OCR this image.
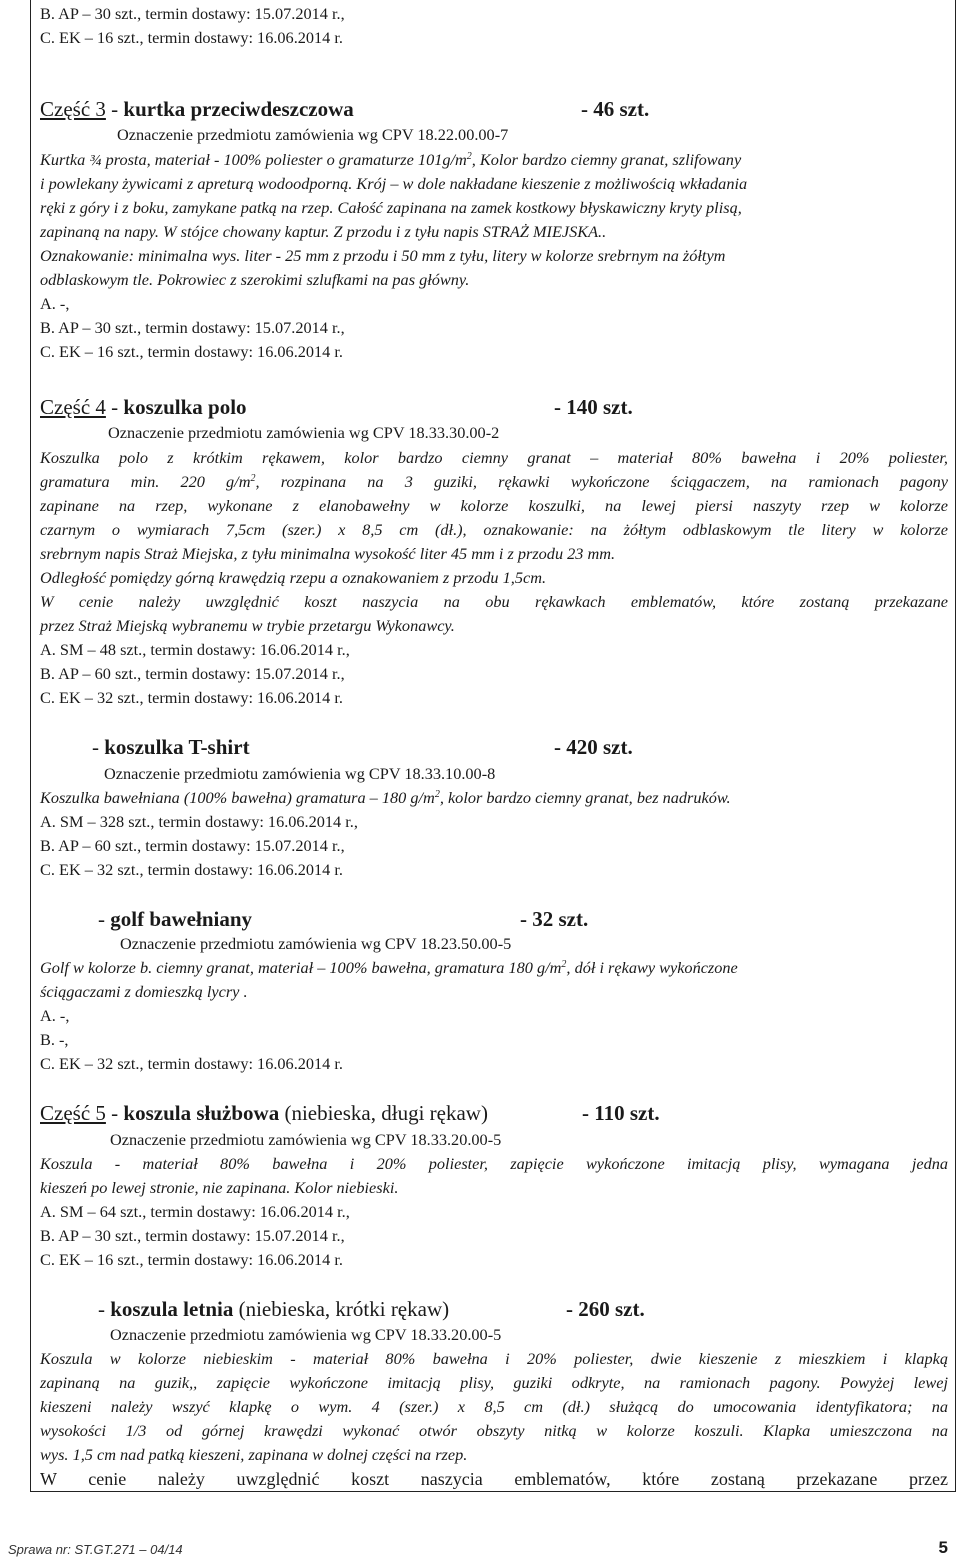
B. AP – 30 szt., termin dostawy: 15.07.2014 r.,
C. EK – 16 szt., termin dostawy: 16.06.2014 r.
Część 3 - kurtka przeciwdeszczowa	- 46 szt.
Oznaczenie przedmiotu zamówienia wg CPV 18.22.00.00-7
Kurtka ¾ prosta, materiał - 100% poliester o gramaturze $101g/m^2$, Kolor bardzo ciemny granat, szlifowany
i powlekany żywicami z apreturą wodoodporną. Krój – w dole nakładane kieszenie z możliwością wkładania
ręki z góry i z boku, zamykane patką na rzep. Całość zapinana na zamek kostkowy błyskawiczny kryty plisą,
zapinaną na napy. W stójce chowany kaptur. Z przodu i z tyłu napis STRAŻ MIEJSKA..
Oznakowanie: minimalna wys. liter - 25 mm z przodu i 50 mm z tyłu, litery w kolorze srebrnym na żółtym
odblaskowym tle. Pokrowiec z szerokimi szlufkami na pas główny.
A. -,
B. AP – 30 szt., termin dostawy: 15.07.2014 r.,
C. EK – 16 szt., termin dostawy: 16.06.2014 r.
Część 4 - koszulka polo	- 140 szt.
Oznaczenie przedmiotu zamówienia wg CPV 18.33.30.00-2
Koszulka polo z krótkim rękawem, kolor bardzo ciemny granat – materiał 80% bawełna i 20% poliester,
gramatura min. 220 $g/m^2$, rozpinana na 3 guziki, rękawki wykończone ściągaczem, na ramionach pagony
zapinane na rzep, wykonane z elanobawełny w kolorze koszulki, na lewej piersi naszyty rzep w kolorze
czarnym o wymiarach 7,5cm (szer.) x 8,5 cm (dł.), oznakowanie: na żółtym odblaskowym tle litery w kolorze
srebrnym napis Straż Miejska, z tyłu minimalna wysokość liter 45 mm i z przodu 23 mm.
Odległość pomiędzy górną krawędzią rzepu a oznakowaniem z przodu 1,5cm.
W cenie należy uwzględnić koszt naszycia na obu rękawkach emblematów, które zostaną przekazane
przez Straż Miejską wybranemu w trybie przetargu Wykonawcy.
A. SM – 48 szt., termin dostawy: 16.06.2014 r.,
B. AP – 60 szt., termin dostawy: 15.07.2014 r.,
C. EK – 32 szt., termin dostawy: 16.06.2014 r.
- koszulka T-shirt	- 420 szt.
Oznaczenie przedmiotu zamówienia wg CPV 18.33.10.00-8
Koszulka bawełniana (100% bawełna) gramatura – 180 $g/m^2$, kolor bardzo ciemny granat, bez nadruków.
A. SM – 328 szt., termin dostawy: 16.06.2014 r.,
B. AP – 60 szt., termin dostawy: 15.07.2014 r.,
C. EK – 32 szt., termin dostawy: 16.06.2014 r.
- golf bawełniany	- 32 szt.
Oznaczenie przedmiotu zamówienia wg CPV 18.23.50.00-5
Golf w kolorze b. ciemny granat, materiał – 100% bawełna, gramatura 180 $g/m^2$, dół i rękawy wykończone
ściągaczami z domieszką lycry .
A. -,
B. -,
C. EK – 32 szt., termin dostawy: 16.06.2014 r.
Część 5 - koszula służbowa (niebieska, długi rękaw)	- 110 szt.
Oznaczenie przedmiotu zamówienia wg CPV 18.33.20.00-5
Koszula - materiał 80% bawełna i 20% poliester, zapięcie wykończone imitacją plisy, wymagana jedna
kieszeń po lewej stronie, nie zapinana. Kolor niebieski.
A. SM – 64 szt., termin dostawy: 16.06.2014 r.,
B. AP – 30 szt., termin dostawy: 15.07.2014 r.,
C. EK – 16 szt., termin dostawy: 16.06.2014 r.
- koszula letnia (niebieska, krótki rękaw)	- 260 szt.
Oznaczenie przedmiotu zamówienia wg CPV 18.33.20.00-5
Koszula w kolorze niebieskim - materiał 80% bawełna i 20% poliester, dwie kieszenie z mieszkiem i klapką
zapinaną na guzik,, zapięcie wykończone imitacją plisy, guziki odkryte, na ramionach pagony. Powyżej lewej
kieszeni należy wszyć klapkę o wym. 4 (szer.) x 8,5 cm (dł.) służącą do umocowania identyfikatora; na
wysokości 1/3 od górnej krawędzi wykonać otwór obszyty nitką w kolorze koszuli. Klapka umieszczona na
wys. 1,5 cm nad patką kieszeni, zapinana w dolnej części na rzep.
W cenie należy uwzględnić koszt naszycia emblematów, które zostaną przekazane przez
Sprawa nr: ST.GT.271 – 04/14	5
